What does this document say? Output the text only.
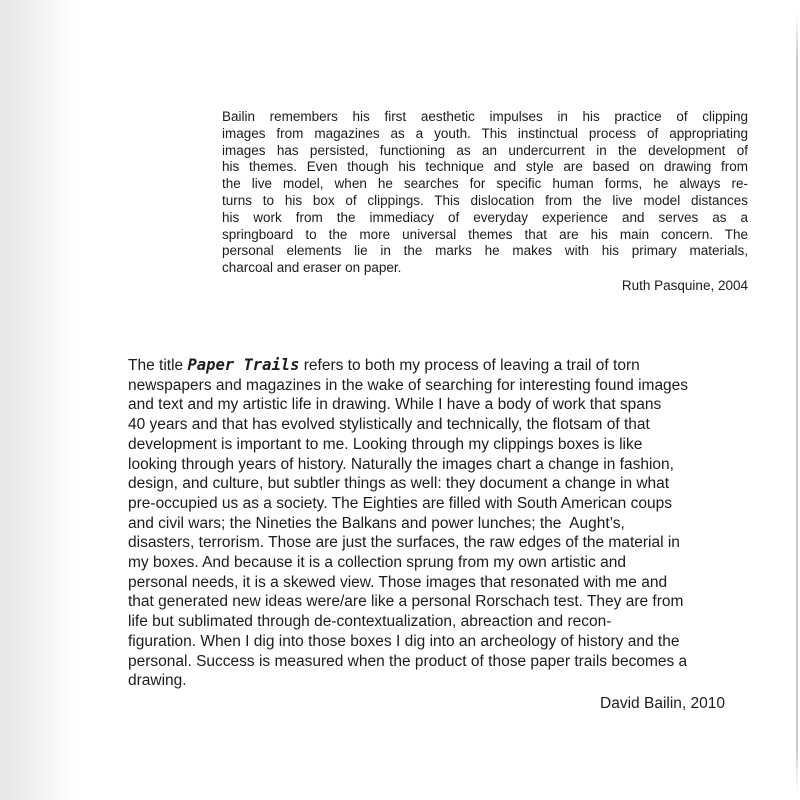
Bailin remembers his first aesthetic impulses in his practice of clipping
images from magazines as a youth. This instinctual process of appropriating
images has persisted, functioning as an undercurrent in the development of
his themes. Even though his technique and style are based on drawing from
the live model, when he searches for specific human forms, he always re-
turns to his box of clippings. This dislocation from the live model distances
his work from the immediacy of everyday experience and serves as a
springboard to the more universal themes that are his main concern. The
personal elements lie in the marks he makes with his primary materials,
charcoal and eraser on paper.
Ruth Pasquine, 2004
The title Paper Trails refers to both my process of leaving a trail of torn
newspapers and magazines in the wake of searching for interesting found images
and text and my artistic life in drawing. While I have a body of work that spans
40 years and that has evolved stylistically and technically, the flotsam of that
development is important to me. Looking through my clippings boxes is like
looking through years of history. Naturally the images chart a change in fashion,
design, and culture, but subtler things as well: they document a change in what
pre-occupied us as a society. The Eighties are filled with South American coups
and civil wars; the Nineties the Balkans and power lunches; the  Aught’s,
disasters, terrorism. Those are just the surfaces, the raw edges of the material in
my boxes. And because it is a collection sprung from my own artistic and
personal needs, it is a skewed view. Those images that resonated with me and
that generated new ideas were/are like a personal Rorschach test. They are from
life but sublimated through de-contextualization, abreaction and recon-
figuration. When I dig into those boxes I dig into an archeology of history and the
personal. Success is measured when the product of those paper trails becomes a
drawing.
David Bailin, 2010
